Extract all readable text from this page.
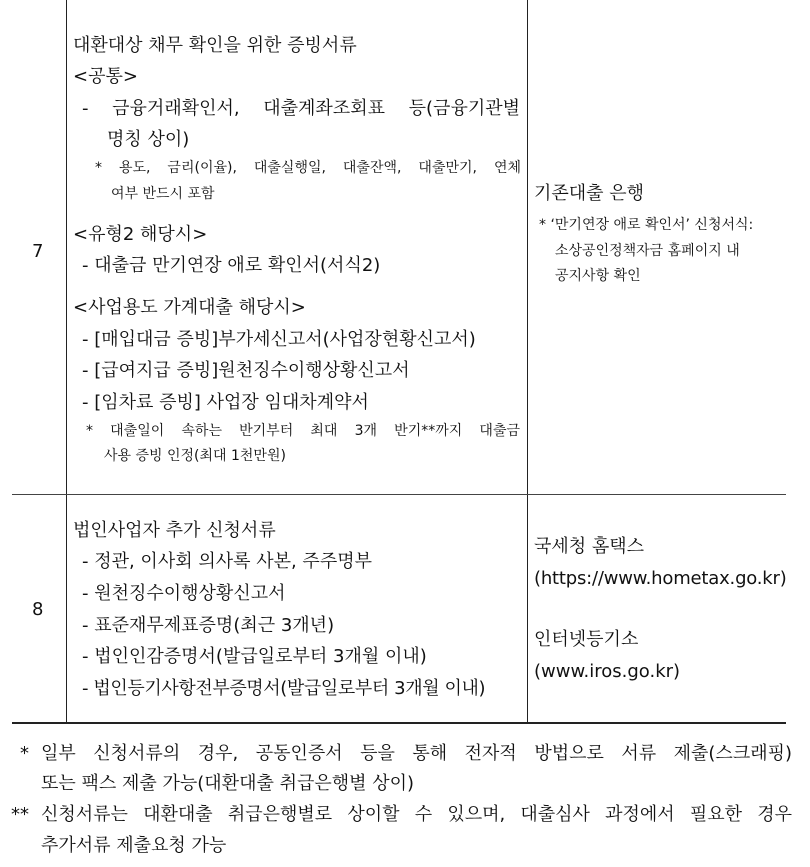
7
대환대상 채무 확인을 위한 증빙서류
<공통>
- 금융거래확인서, 대출계좌조회표 등(금융기관별
명칭 상이)
* 용도, 금리(이율), 대출실행일, 대출잔액, 대출만기, 연체
여부 반드시 포함
<유형2 해당시>
- 대출금 만기연장 애로 확인서(서식2)
<사업용도 가계대출 해당시>
- [매입대금 증빙]부가세신고서(사업장현황신고서)
- [급여지급 증빙]원천징수이행상황신고서
- [임차료 증빙] 사업장 임대차계약서
* 대출일이 속하는 반기부터 최대 3개 반기**까지 대출금
사용 증빙 인정(최대 1천만원)
기존대출 은행
* ‘만기연장 애로 확인서’ 신청서식:
소상공인정책자금 홈페이지 내
공지사항 확인
8
법인사업자 추가 신청서류
- 정관, 이사회 의사록 사본, 주주명부
- 원천징수이행상황신고서
- 표준재무제표증명(최근 3개년)
- 법인인감증명서(발급일로부터 3개월 이내)
- 법인등기사항전부증명서(발급일로부터 3개월 이내)
국세청 홈택스
(https://www.hometax.go.kr)
인터넷등기소
(www.iros.go.kr)
* 일부 신청서류의 경우, 공동인증서 등을 통해 전자적 방법으로 서류 제출(스크래핑)
또는 팩스 제출 가능(대환대출 취급은행별 상이)
** 신청서류는 대환대출 취급은행별로 상이할 수 있으며, 대출심사 과정에서 필요한 경우
추가서류 제출요청 가능
